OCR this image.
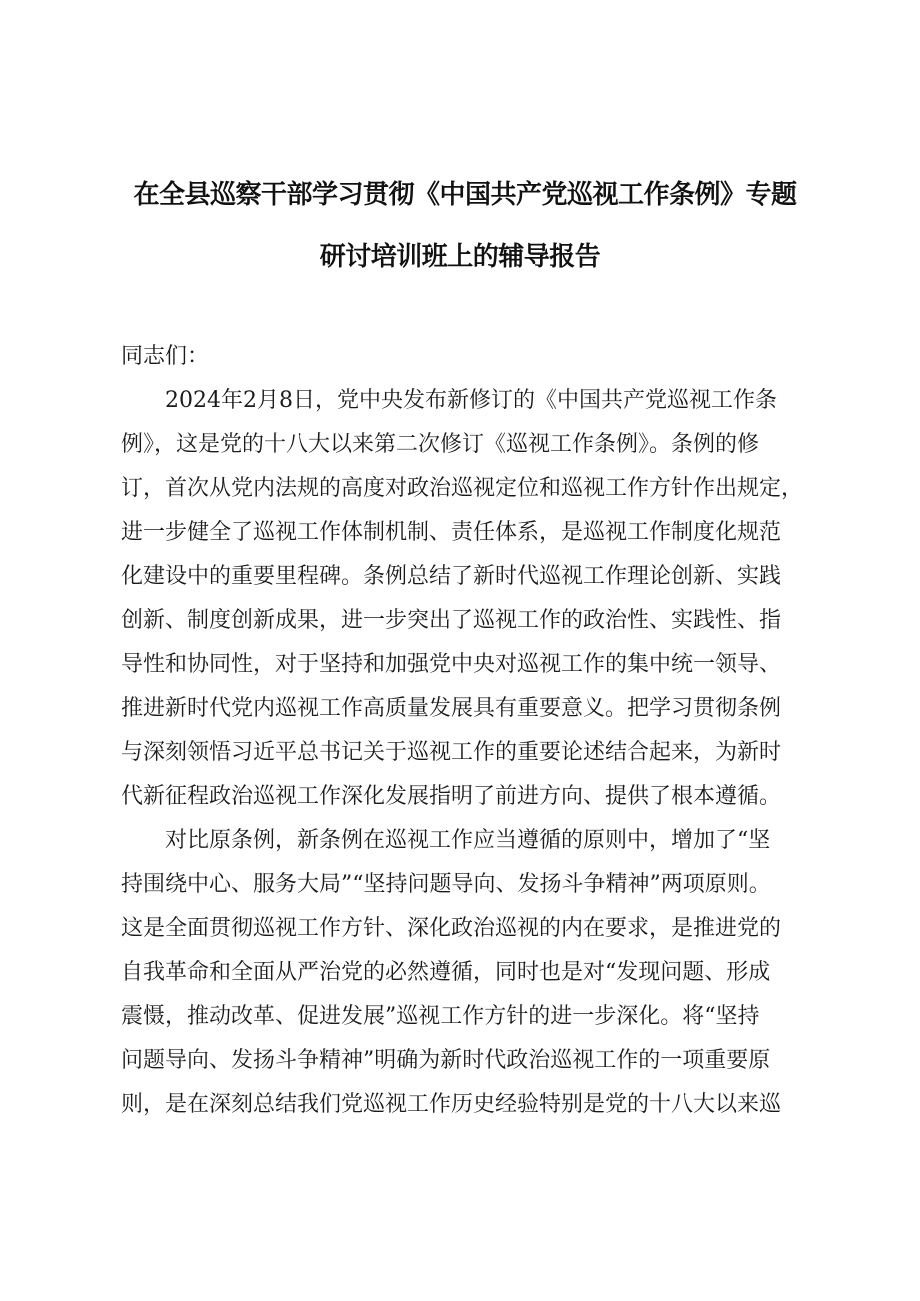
在全县巡察干部学习贯彻《中国共产党巡视工作条例》专题
研讨培训班上的辅导报告
同志们：
　　2024年2月8日，党中央发布新修订的《中国共产党巡视工作条
例》，这是党的十八大以来第二次修订《巡视工作条例》。条例的修
订，首次从党内法规的高度对政治巡视定位和巡视工作方针作出规定，
进一步健全了巡视工作体制机制、责任体系，是巡视工作制度化规范
化建设中的重要里程碑。条例总结了新时代巡视工作理论创新、实践
创新、制度创新成果，进一步突出了巡视工作的政治性、实践性、指
导性和协同性，对于坚持和加强党中央对巡视工作的集中统一领导、
推进新时代党内巡视工作高质量发展具有重要意义。把学习贯彻条例
与深刻领悟习近平总书记关于巡视工作的重要论述结合起来，为新时
代新征程政治巡视工作深化发展指明了前进方向、提供了根本遵循。
　　对比原条例，新条例在巡视工作应当遵循的原则中，增加了“坚
持围绕中心、服务大局”“坚持问题导向、发扬斗争精神”两项原则。
这是全面贯彻巡视工作方针、深化政治巡视的内在要求，是推进党的
自我革命和全面从严治党的必然遵循，同时也是对“发现问题、形成
震慑，推动改革、促进发展”巡视工作方针的进一步深化。将“坚持
问题导向、发扬斗争精神”明确为新时代政治巡视工作的一项重要原
则，是在深刻总结我们党巡视工作历史经验特别是党的十八大以来巡
